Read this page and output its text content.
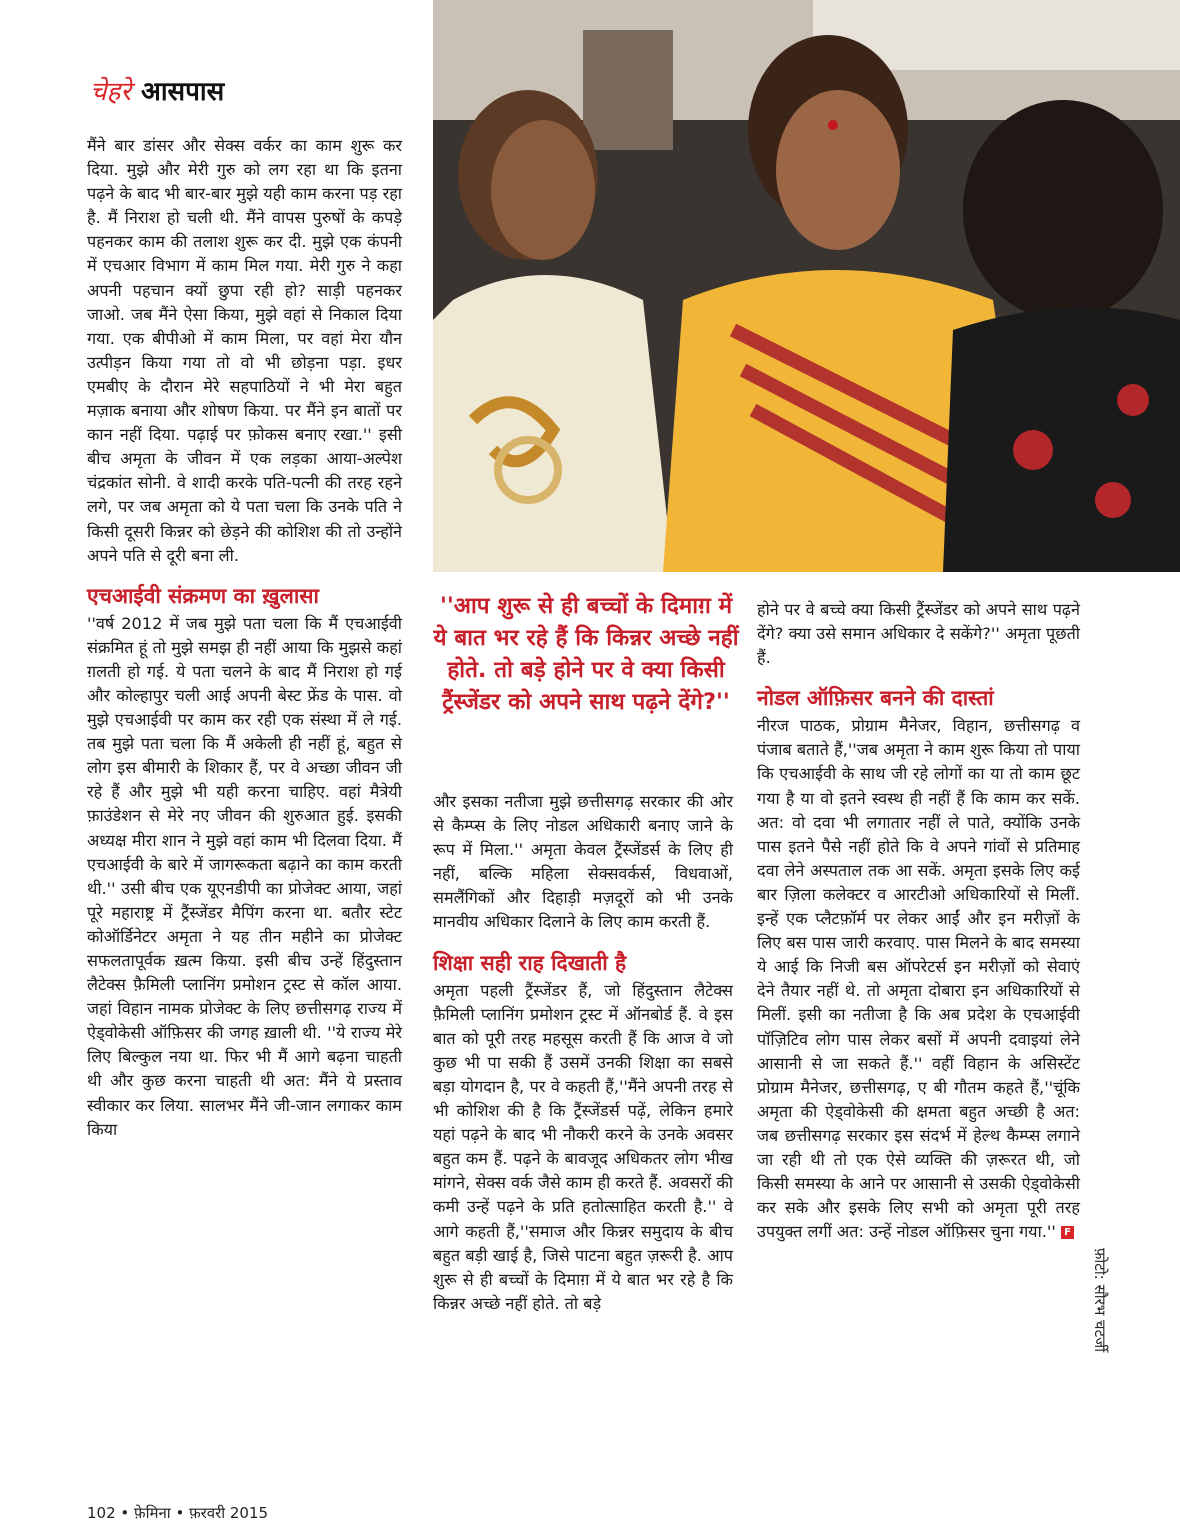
चेहरे आसपास

मैंने बार डांसर और सेक्स वर्कर का काम शुरू कर दिया. मुझे और मेरी गुरु को लग रहा था कि इतना पढ़ने के बाद भी बार-बार मुझे यही काम करना पड़ रहा है. मैं निराश हो चली थी. मैंने वापस पुरुषों के कपड़े पहनकर काम की तलाश शुरू कर दी. मुझे एक कंपनी में एचआर विभाग में काम मिल गया. मेरी गुरु ने कहा अपनी पहचान क्यों छुपा रही हो? साड़ी पहनकर जाओ. जब मैंने ऐसा किया, मुझे वहां से निकाल दिया गया. एक बीपीओ में काम मिला, पर वहां मेरा यौन उत्पीड़न किया गया तो वो भी छोड़ना पड़ा. इधर एमबीए के दौरान मेरे सहपाठियों ने भी मेरा बहुत मज़ाक बनाया और शोषण किया. पर मैंने इन बातों पर कान नहीं दिया. पढ़ाई पर फ़ोकस बनाए रखा.'' इसी बीच अमृता के जीवन में एक लड़का आया-अल्पेश चंद्रकांत सोनी. वे शादी करके पति-पत्नी की तरह रहने लगे, पर जब अमृता को ये पता चला कि उनके पति ने किसी दूसरी किन्नर को छेड़ने की कोशिश की तो उन्होंने अपने पति से दूरी बना ली.

एचआईवी संक्रमण का ख़ुलासा

''वर्ष 2012 में जब मुझे पता चला कि मैं एचआईवी संक्रमित हूं तो मुझे समझ ही नहीं आया कि मुझसे कहां ग़लती हो गई. ये पता चलने के बाद मैं निराश हो गई और कोल्हापुर चली आई अपनी बेस्ट फ्रेंड के पास. वो मुझे एचआईवी पर काम कर रही एक संस्था में ले गई. तब मुझे पता चला कि मैं अकेली ही नहीं हूं, बहुत से लोग इस बीमारी के शिकार हैं, पर वे अच्छा जीवन जी रहे हैं और मुझे भी यही करना चाहिए. वहां मैत्रेयी फ़ाउंडेशन से मेरे नए जीवन की शुरुआत हुई. इसकी अध्यक्ष मीरा शान ने मुझे वहां काम भी दिलवा दिया. मैं एचआईवी के बारे में जागरूकता बढ़ाने का काम करती थी.'' उसी बीच एक यूएनडीपी का प्रोजेक्ट आया, जहां पूरे महाराष्ट्र में ट्रैंस्जेंडर मैपिंग करना था. बतौर स्टेट कोऑर्डिनेटर अमृता ने यह तीन महीने का प्रोजेक्ट सफलतापूर्वक ख़त्म किया. इसी बीच उन्हें हिंदुस्तान लैटेक्स फ़ैमिली प्लानिंग प्रमोशन ट्रस्ट से कॉल आया. जहां विहान नामक प्रोजेक्ट के लिए छत्तीसगढ़ राज्य में ऐड्वोकेसी ऑफ़िसर की जगह ख़ाली थी. ''ये राज्य मेरे लिए बिल्कुल नया था. फिर भी मैं आगे बढ़ना चाहती थी और कुछ करना चाहती थी अत: मैंने ये प्रस्ताव स्वीकार कर लिया. सालभर मैंने जी-जान लगाकर काम किया

''आप शुरू से ही बच्चों के दिमाग़ में ये बात भर रहे हैं कि किन्नर अच्छे नहीं होते. तो बड़े होने पर वे क्या किसी ट्रैंस्जेंडर को अपने साथ पढ़ने देंगे?''

और इसका नतीजा मुझे छत्तीसगढ़ सरकार की ओर से कैम्प्स के लिए नोडल अधिकारी बनाए जाने के रूप में मिला.'' अमृता केवल ट्रैंस्जेंडर्स के लिए ही नहीं, बल्कि महिला सेक्सवर्कर्स, विधवाओं, समलैंगिकों और दिहाड़ी मज़दूरों को भी उनके मानवीय अधिकार दिलाने के लिए काम करती हैं.

शिक्षा सही राह दिखाती है

अमृता पहली ट्रैंस्जेंडर हैं, जो हिंदुस्तान लैटेक्स फ़ैमिली प्लानिंग प्रमोशन ट्रस्ट में ऑनबोर्ड हैं. वे इस बात को पूरी तरह महसूस करती हैं कि आज वे जो कुछ भी पा सकी हैं उसमें उनकी शिक्षा का सबसे बड़ा योगदान है, पर वे कहती हैं,''मैंने अपनी तरह से भी कोशिश की है कि ट्रैंस्जेंडर्स पढ़ें, लेकिन हमारे यहां पढ़ने के बाद भी नौकरी करने के उनके अवसर बहुत कम हैं. पढ़ने के बावजूद अधिकतर लोग भीख मांगने, सेक्स वर्क जैसे काम ही करते हैं. अवसरों की कमी उन्हें पढ़ने के प्रति हतोत्साहित करती है.'' वे आगे कहती हैं,''समाज और किन्नर समुदाय के बीच बहुत बड़ी खाई है, जिसे पाटना बहुत ज़रूरी है. आप शुरू से ही बच्चों के दिमाग़ में ये बात भर रहे है कि किन्नर अच्छे नहीं होते. तो बड़े

होने पर वे बच्चे क्या किसी ट्रैंस्जेंडर को अपने साथ पढ़ने देंगे? क्या उसे समान अधिकार दे सकेंगे?'' अमृता पूछती हैं.

नोडल ऑफ़िसर बनने की दास्तां

नीरज पाठक, प्रोग्राम मैनेजर, विहान, छत्तीसगढ़ व पंजाब बताते हैं,''जब अमृता ने काम शुरू किया तो पाया कि एचआईवी के साथ जी रहे लोगों का या तो काम छूट गया है या वो इतने स्वस्थ ही नहीं हैं कि काम कर सकें. अत: वो दवा भी लगातार नहीं ले पाते, क्योंकि उनके पास इतने पैसे नहीं होते कि वे अपने गांवों से प्रतिमाह दवा लेने अस्पताल तक आ सकें. अमृता इसके लिए कई बार ज़िला कलेक्टर व आरटीओ अधिकारियों से मिलीं. इन्हें एक प्लैटफ़ॉर्म पर लेकर आईं और इन मरीज़ों के लिए बस पास जारी करवाए. पास मिलने के बाद समस्या ये आई कि निजी बस ऑपरेटर्स इन मरीज़ों को सेवाएं देने तैयार नहीं थे. तो अमृता दोबारा इन अधिकारियों से मिलीं. इसी का नतीजा है कि अब प्रदेश के एचआईवी पॉज़िटिव लोग पास लेकर बसों में अपनी दवाइयां लेने आसानी से जा सकते हैं.'' वहीं विहान के असिस्टेंट प्रोग्राम मैनेजर, छत्तीसगढ़, ए बी गौतम कहते हैं,''चूंकि अमृता की ऐड्वोकेसी की क्षमता बहुत अच्छी है अत: जब छत्तीसगढ़ सरकार इस संदर्भ में हेल्थ कैम्प्स लगाने जा रही थी तो एक ऐसे व्यक्ति की ज़रूरत थी, जो किसी समस्या के आने पर आसानी से उसकी ऐड्वोकेसी कर सके और इसके लिए सभी को अमृता पूरी तरह उपयुक्त लगीं अत: उन्हें नोडल ऑफ़िसर चुना गया.'' F

फ़ोटो: सौरभ चटर्जी
102 • फ़ेमिना • फ़रवरी 2015
